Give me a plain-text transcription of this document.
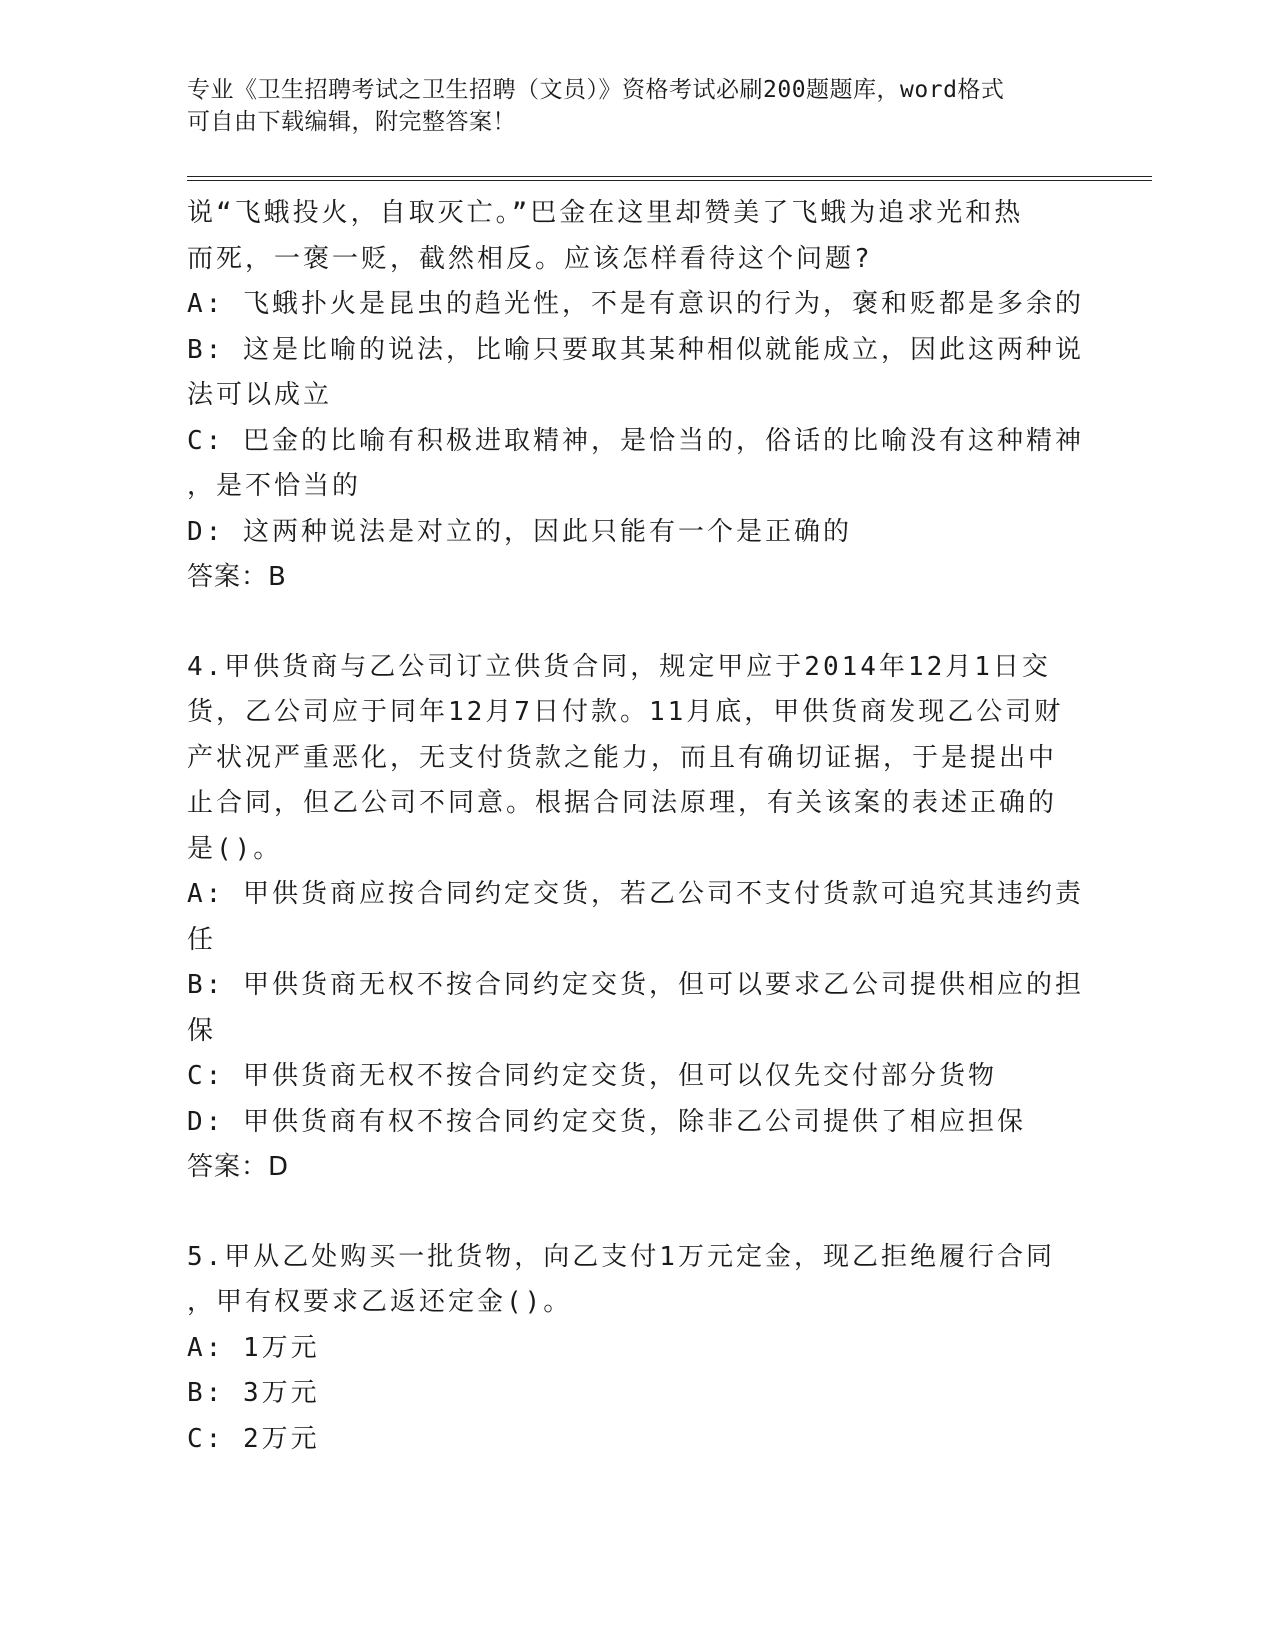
专业《卫生招聘考试之卫生招聘（文员）》资格考试必刷200题题库，word格式
可自由下载编辑，附完整答案！
说“飞蛾投火，自取灭亡。”巴金在这里却赞美了飞蛾为追求光和热
而死，一褒一贬，截然相反。应该怎样看待这个问题?
A: 飞蛾扑火是昆虫的趋光性，不是有意识的行为，褒和贬都是多余的
B: 这是比喻的说法，比喻只要取其某种相似就能成立，因此这两种说
法可以成立
C: 巴金的比喻有积极进取精神，是恰当的，俗话的比喻没有这种精神
，是不恰当的
D: 这两种说法是对立的，因此只能有一个是正确的
答案：B
4.甲供货商与乙公司订立供货合同，规定甲应于2014年12月1日交
货，乙公司应于同年12月7日付款。11月底，甲供货商发现乙公司财
产状况严重恶化，无支付货款之能力，而且有确切证据，于是提出中
止合同，但乙公司不同意。根据合同法原理，有关该案的表述正确的
是()。
A: 甲供货商应按合同约定交货，若乙公司不支付货款可追究其违约责
任
B: 甲供货商无权不按合同约定交货，但可以要求乙公司提供相应的担
保
C: 甲供货商无权不按合同约定交货，但可以仅先交付部分货物
D: 甲供货商有权不按合同约定交货，除非乙公司提供了相应担保
答案：D
5.甲从乙处购买一批货物，向乙支付1万元定金，现乙拒绝履行合同
，甲有权要求乙返还定金()。
A: 1万元
B: 3万元
C: 2万元
